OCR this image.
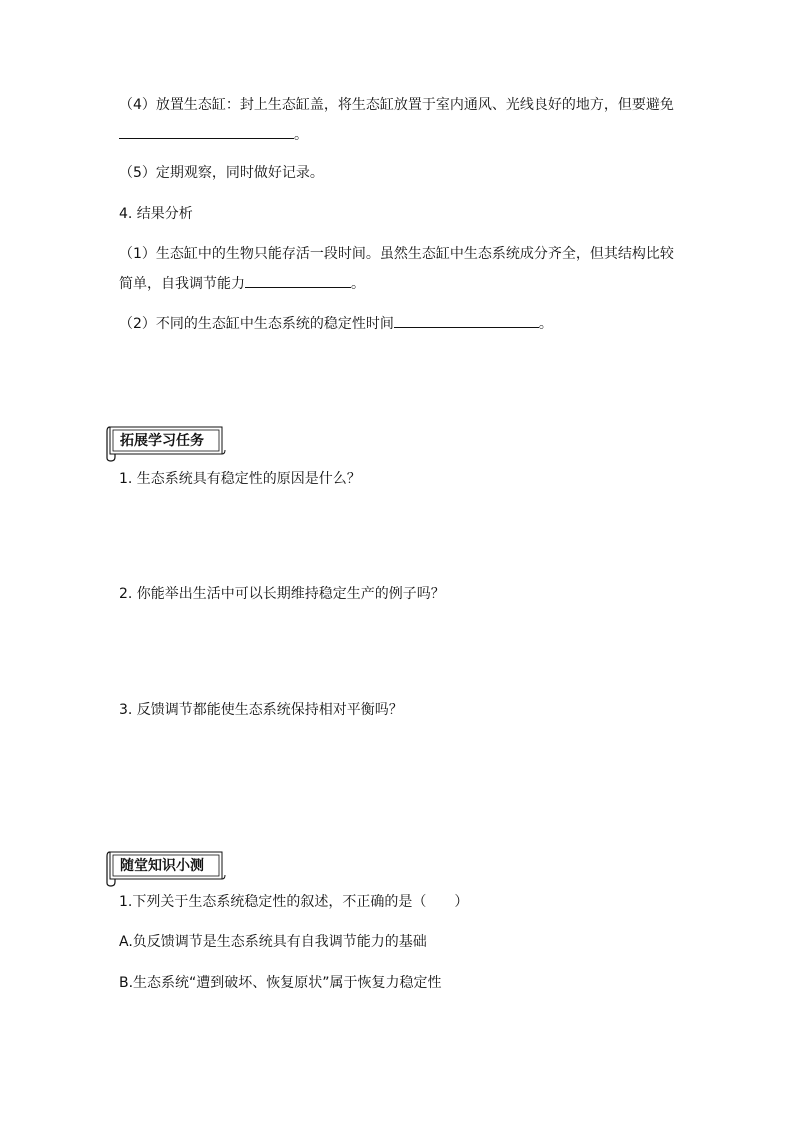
（4）放置生态缸：封上生态缸盖，将生态缸放置于室内通风、光线良好的地方，但要避免
。
（5）定期观察，同时做好记录。
4. 结果分析
（1）生态缸中的生物只能存活一段时间。虽然生态缸中生态系统成分齐全，但其结构比较
简单，自我调节能力	。
（2）不同的生态缸中生态系统的稳定性时间	。
拓展学习任务
1. 生态系统具有稳定性的原因是什么？
2. 你能举出生活中可以长期维持稳定生产的例子吗？
3. 反馈调节都能使生态系统保持相对平衡吗？
随堂知识小测
1.下列关于生态系统稳定性的叙述，不正确的是（　　）
A.负反馈调节是生态系统具有自我调节能力的基础
B.生态系统“遭到破坏、恢复原状”属于恢复力稳定性
